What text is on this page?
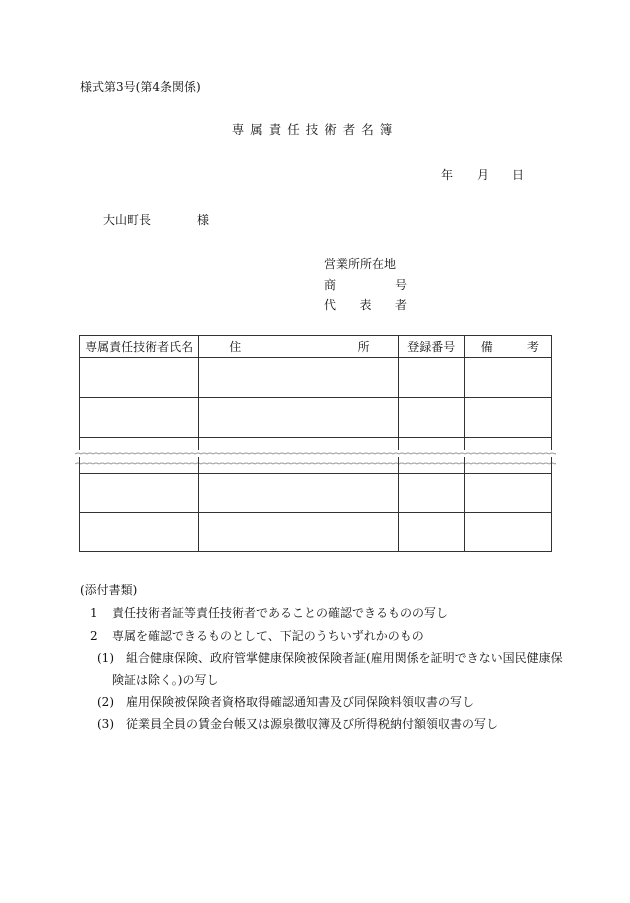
様式第3号(第4条関係)
専属責任技術者名簿
年 月 日
大山町長	様
営業所所在地
商	号
代 表 者
専属責任技術者氏名	住 所	登録番号	備 考

(添付書類)
1 責任技術者証等責任技術者であることの確認できるものの写し
2 専属を確認できるものとして、下記のうちいずれかのもの
(1) 組合健康保険、政府管掌健康保険被保険者証(雇用関係を証明できない国民健康保
険証は除く。)の写し
(2) 雇用保険被保険者資格取得確認通知書及び同保険料領収書の写し
(3) 従業員全員の賃金台帳又は源泉徴収簿及び所得税納付額領収書の写し
